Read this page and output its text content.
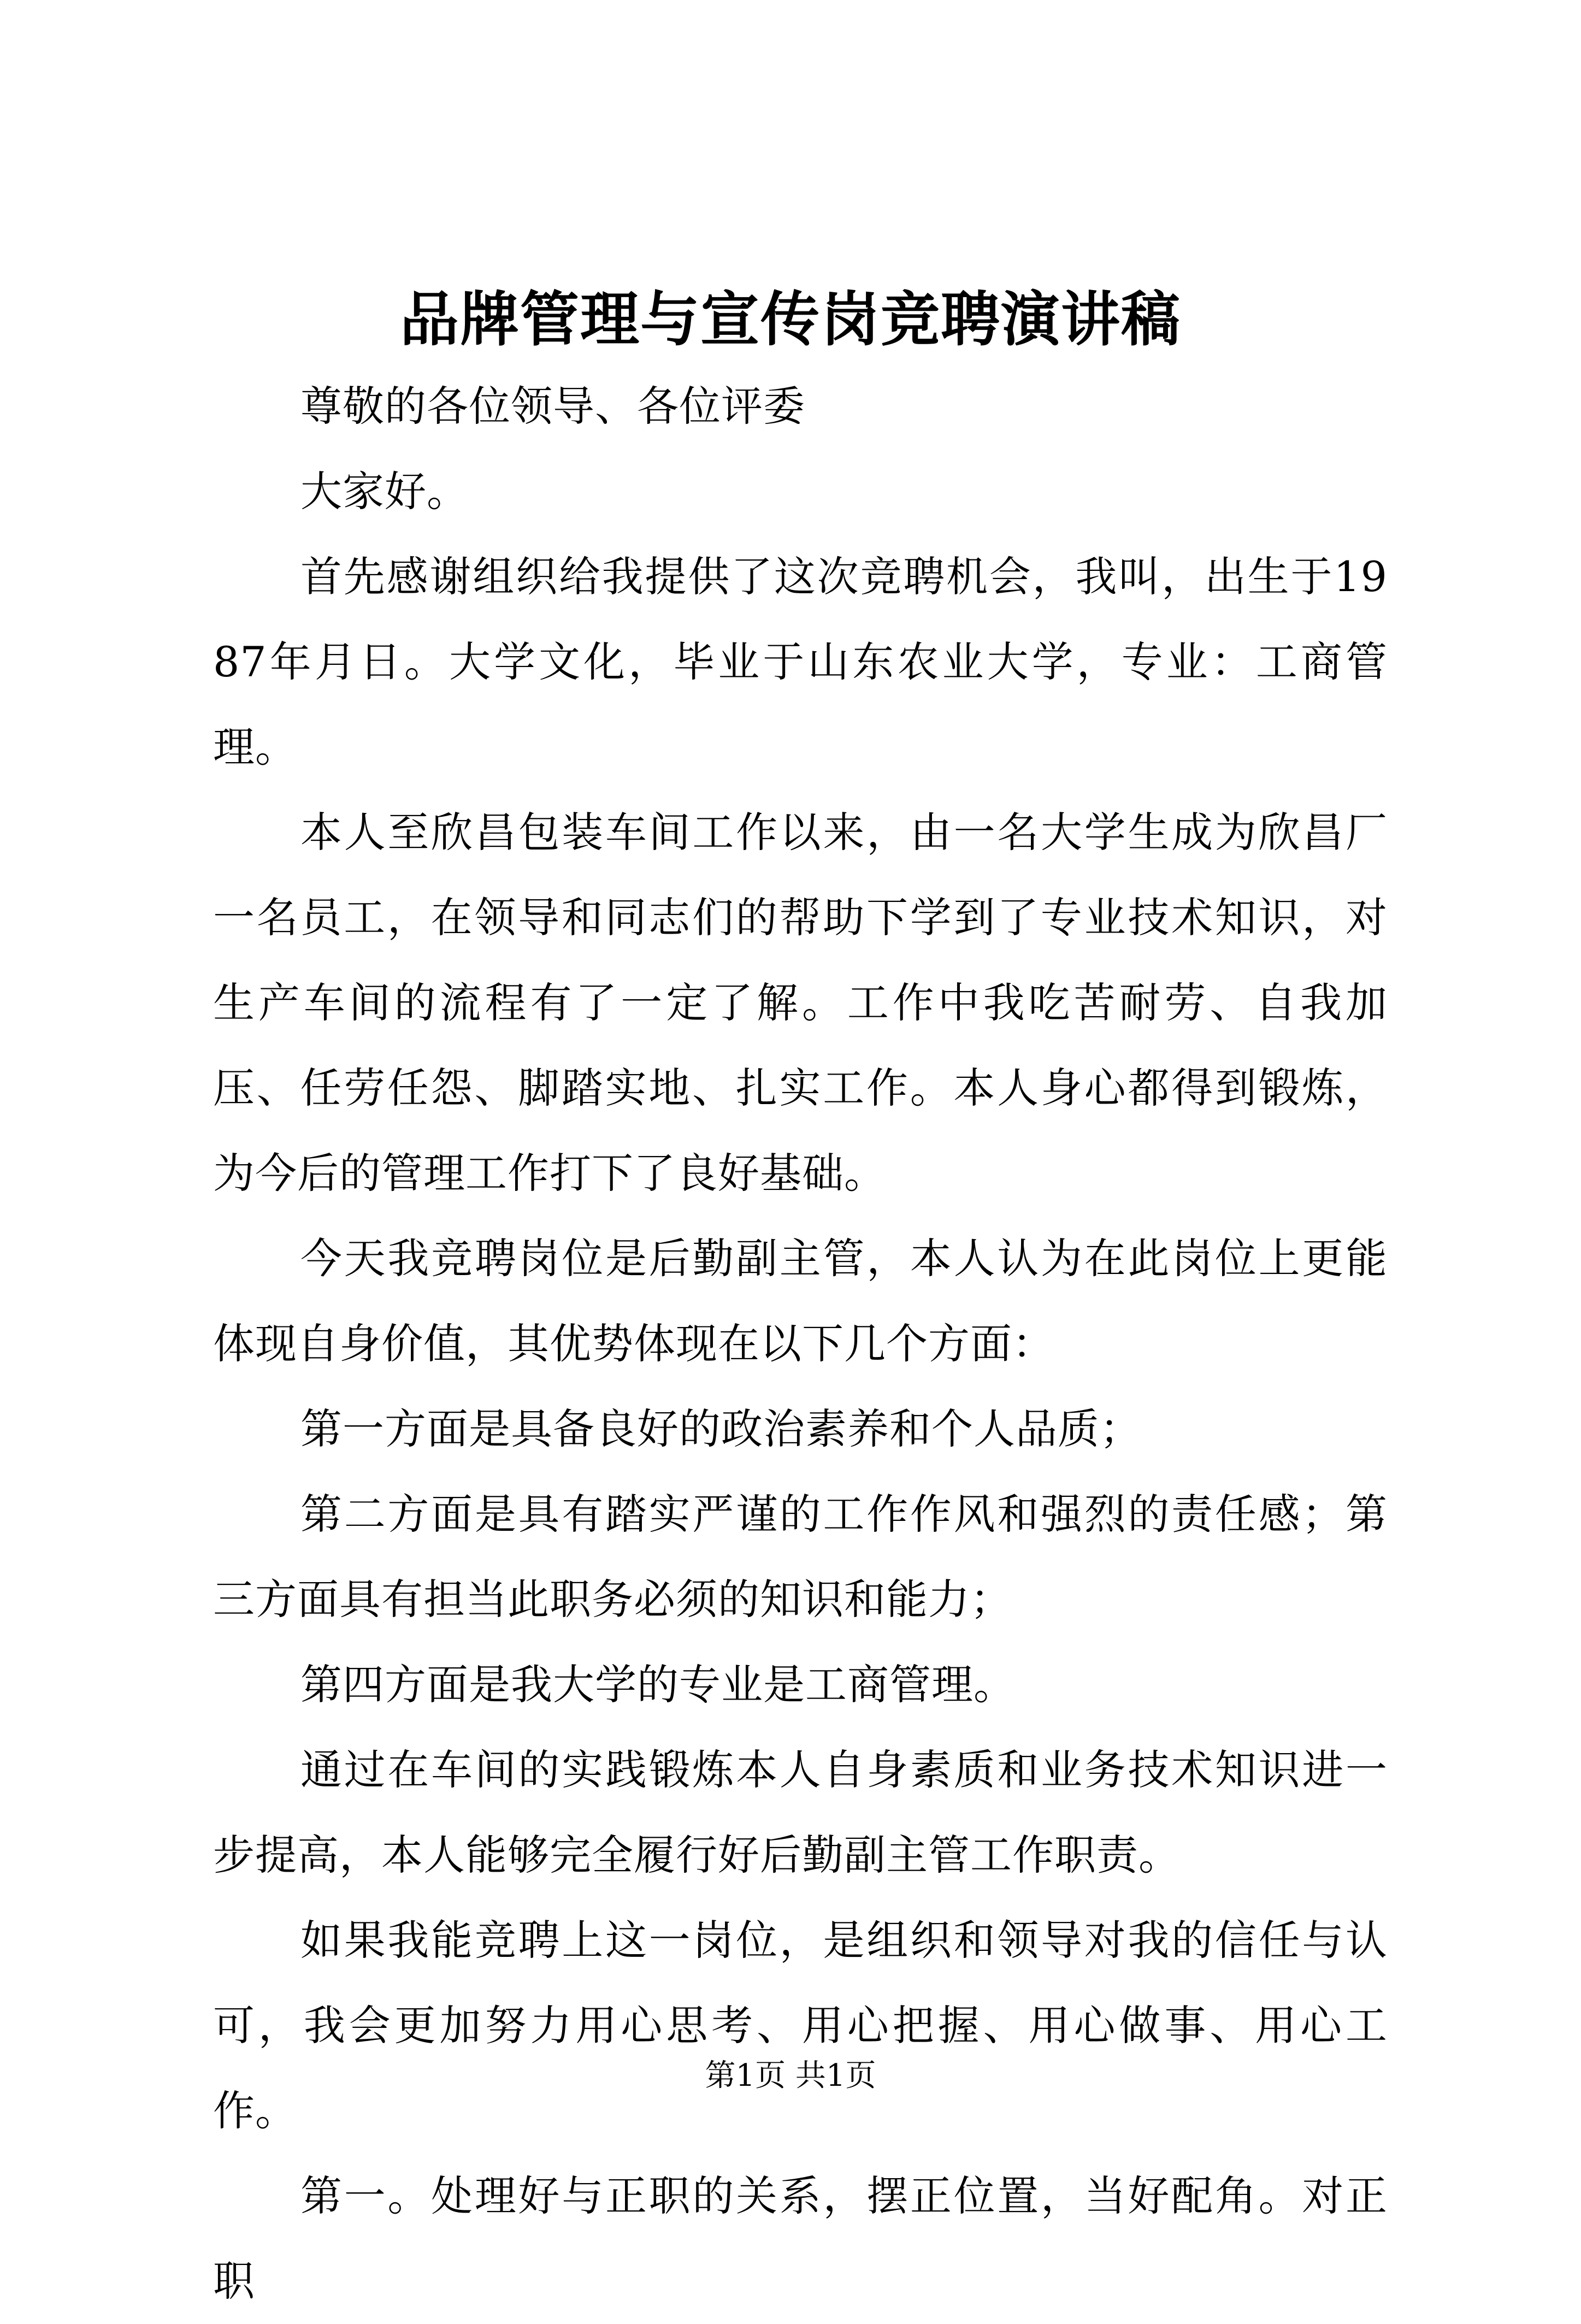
品牌管理与宣传岗竞聘演讲稿

尊敬的各位领导、各位评委

大家好。

首先感谢组织给我提供了这次竞聘机会，我叫，出生于1987年月日。大学文化，毕业于山东农业大学，专业：工商管理。

本人至欣昌包装车间工作以来，由一名大学生成为欣昌厂一名员工，在领导和同志们的帮助下学到了专业技术知识，对生产车间的流程有了一定了解。工作中我吃苦耐劳、自我加压、任劳任怨、脚踏实地、扎实工作。本人身心都得到锻炼，为今后的管理工作打下了良好基础。

今天我竞聘岗位是后勤副主管，本人认为在此岗位上更能体现自身价值，其优势体现在以下几个方面：

第一方面是具备良好的政治素养和个人品质；

第二方面是具有踏实严谨的工作作风和强烈的责任感；第三方面具有担当此职务必须的知识和能力；

第四方面是我大学的专业是工商管理。

通过在车间的实践锻炼本人自身素质和业务技术知识进一步提高，本人能够完全履行好后勤副主管工作职责。

如果我能竞聘上这一岗位，是组织和领导对我的信任与认可，我会更加努力用心思考、用心把握、用心做事、用心工作。

第一。处理好与正职的关系，摆正位置，当好配角。对正职

第1页 共1页
